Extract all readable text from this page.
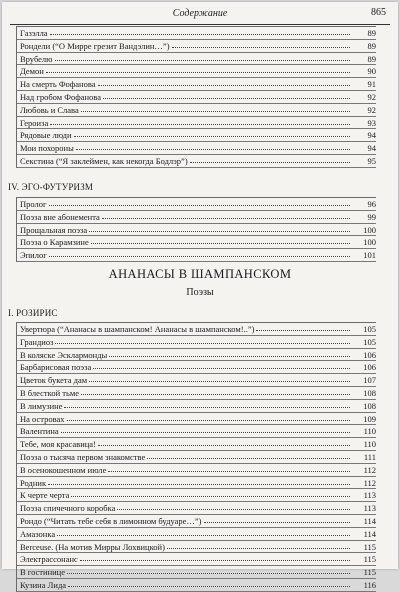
Содержание	865
Газэлла	89
Рондели (“О Мирре грезит Вандэлин…”)	89
Врубелю	89
Демон	90
На смерть Фофанова	91
Над гробом Фофанова	92
Любовь и Слава	92
Героиза	93
Рядовые люди	94
Мои похороны	94
Секстина (“Я заклеймен, как некогда Бодлэр”)	95
IV. ЭГО-ФУТУРИЗМ
Пролог	96
Поэза вне абонемента	99
Прощальная поэза	100
Поэза о Карамзине	100
Эпилог	101
АНАНАСЫ В ШАМПАНСКОМ
Поэзы
I. РОЗИРИС
Увертюра (“Ананасы в шампанском! Ананасы в шампанском!..”)	105
Грандиоз	105
В коляске Эсклармонды	106
Барбарисовая поэза	106
Цветок букета дам	107
В блесткой тьме	108
В лимузине	108
На островах	109
Валентина	110
Тебе, моя красавица!	110
Поэза о тысяча первом знакомстве	111
В осенокошенном июле	112
Родник	112
К черте черта	113
Поэза спичечного коробка	113
Рондо (“Читать тебе себя в лимонном будуаре…”)	114
Амазонка	114
Berceuse. (На мотив Мирры Лохвицкой)	115
Электрассонанс	115
В гостинице	115
Кузина Лида	116
